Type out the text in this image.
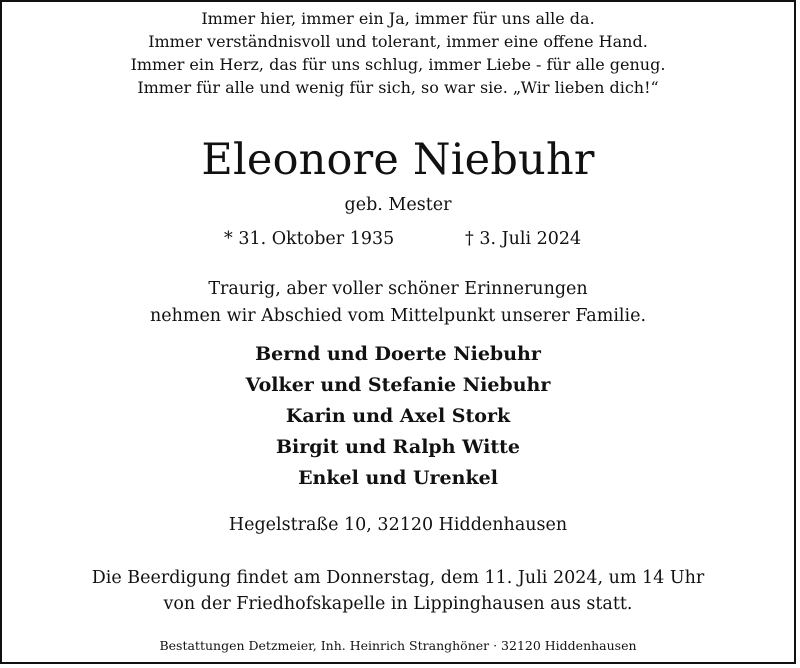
Immer hier, immer ein Ja, immer für uns alle da.
Immer verständnisvoll und tolerant, immer eine offene Hand.
Immer ein Herz, das für uns schlug, immer Liebe - für alle genug.
Immer für alle und wenig für sich, so war sie. „Wir lieben dich!“
Eleonore Niebuhr
geb. Mester
* 31. Oktober 1935	† 3. Juli 2024
Traurig, aber voller schöner Erinnerungen
nehmen wir Abschied vom Mittelpunkt unserer Familie.
Bernd und Doerte Niebuhr
Volker und Stefanie Niebuhr
Karin und Axel Stork
Birgit und Ralph Witte
Enkel und Urenkel
Hegelstraße 10, 32120 Hiddenhausen
Die Beerdigung findet am Donnerstag, dem 11. Juli 2024, um 14 Uhr
von der Friedhofskapelle in Lippinghausen aus statt.
Bestattungen Detzmeier, Inh. Heinrich Stranghöner · 32120 Hiddenhausen
